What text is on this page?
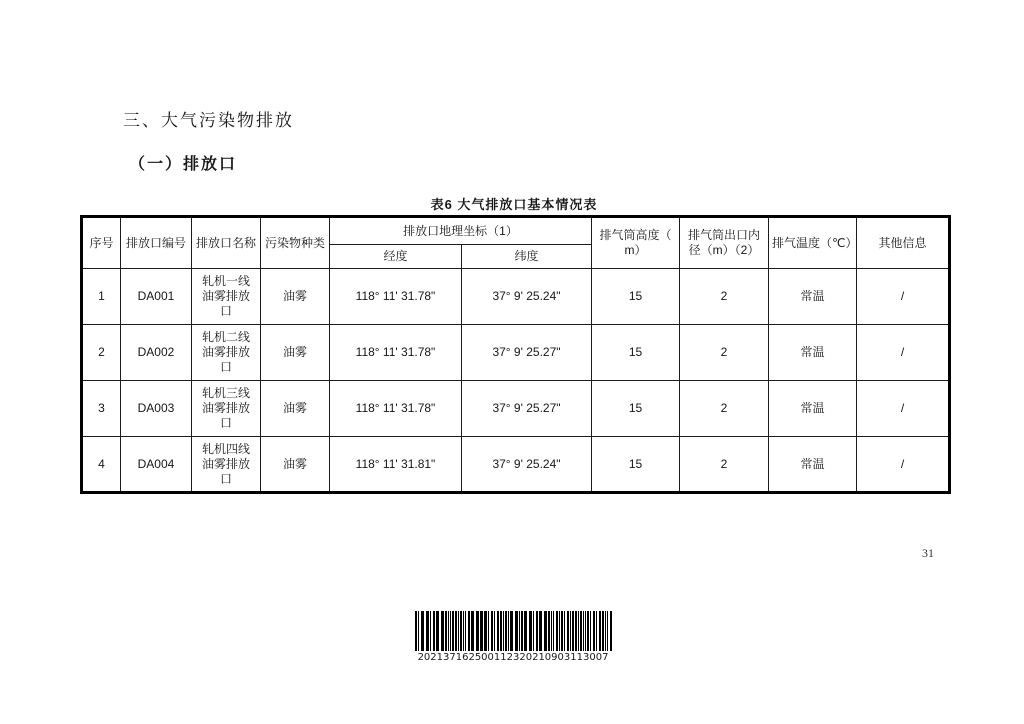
三、大气污染物排放
（一）排放口
表6 大气排放口基本情况表
序号	排放口编号	排放口名称	污染物种类	排放口地理坐标（1）		排气筒高度（m）	排气筒出口内径（m）（2）	排气温度（℃）	其他信息
				经度	纬度				
1	DA001	轧机一线油雾排放口	油雾	118° 11' 31.78"	37° 9' 25.24"	15	2	常温	/
2	DA002	轧机二线油雾排放口	油雾	118° 11' 31.78"	37° 9' 25.27"	15	2	常温	/
3	DA003	轧机三线油雾排放口	油雾	118° 11' 31.78"	37° 9' 25.27"	15	2	常温	/
4	DA004	轧机四线油雾排放口	油雾	118° 11' 31.81"	37° 9' 25.24"	15	2	常温	/
31
202137162500112320210903113007
